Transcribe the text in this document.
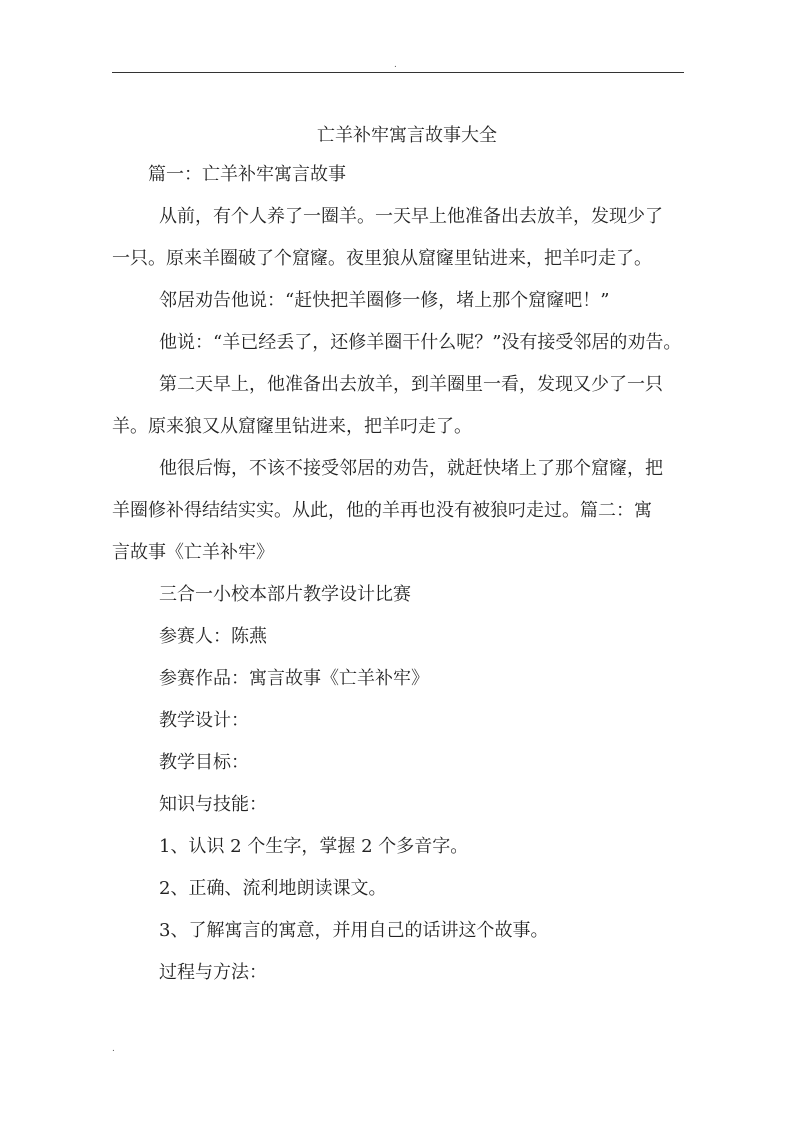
.
亡羊补牢寓言故事大全

篇一：亡羊补牢寓言故事

从前，有个人养了一圈羊。一天早上他准备出去放羊，发现少了

一只。原来羊圈破了个窟窿。夜里狼从窟窿里钻进来，把羊叼走了。

邻居劝告他说：“赶快把羊圈修一修，堵上那个窟窿吧！”

他说：“羊已经丢了，还修羊圈干什么呢？”没有接受邻居的劝告。

第二天早上，他准备出去放羊，到羊圈里一看，发现又少了一只

羊。原来狼又从窟窿里钻进来，把羊叼走了。

他很后悔，不该不接受邻居的劝告，就赶快堵上了那个窟窿，把

羊圈修补得结结实实。从此，他的羊再也没有被狼叼走过。篇二：寓

言故事《亡羊补牢》

三合一小校本部片教学设计比赛

参赛人：陈燕

参赛作品：寓言故事《亡羊补牢》

教学设计：

教学目标：

知识与技能：

1、认识 2 个生字，掌握 2 个多音字。

2、正确、流利地朗读课文。

3、了解寓言的寓意，并用自己的话讲这个故事。

过程与方法：

.
